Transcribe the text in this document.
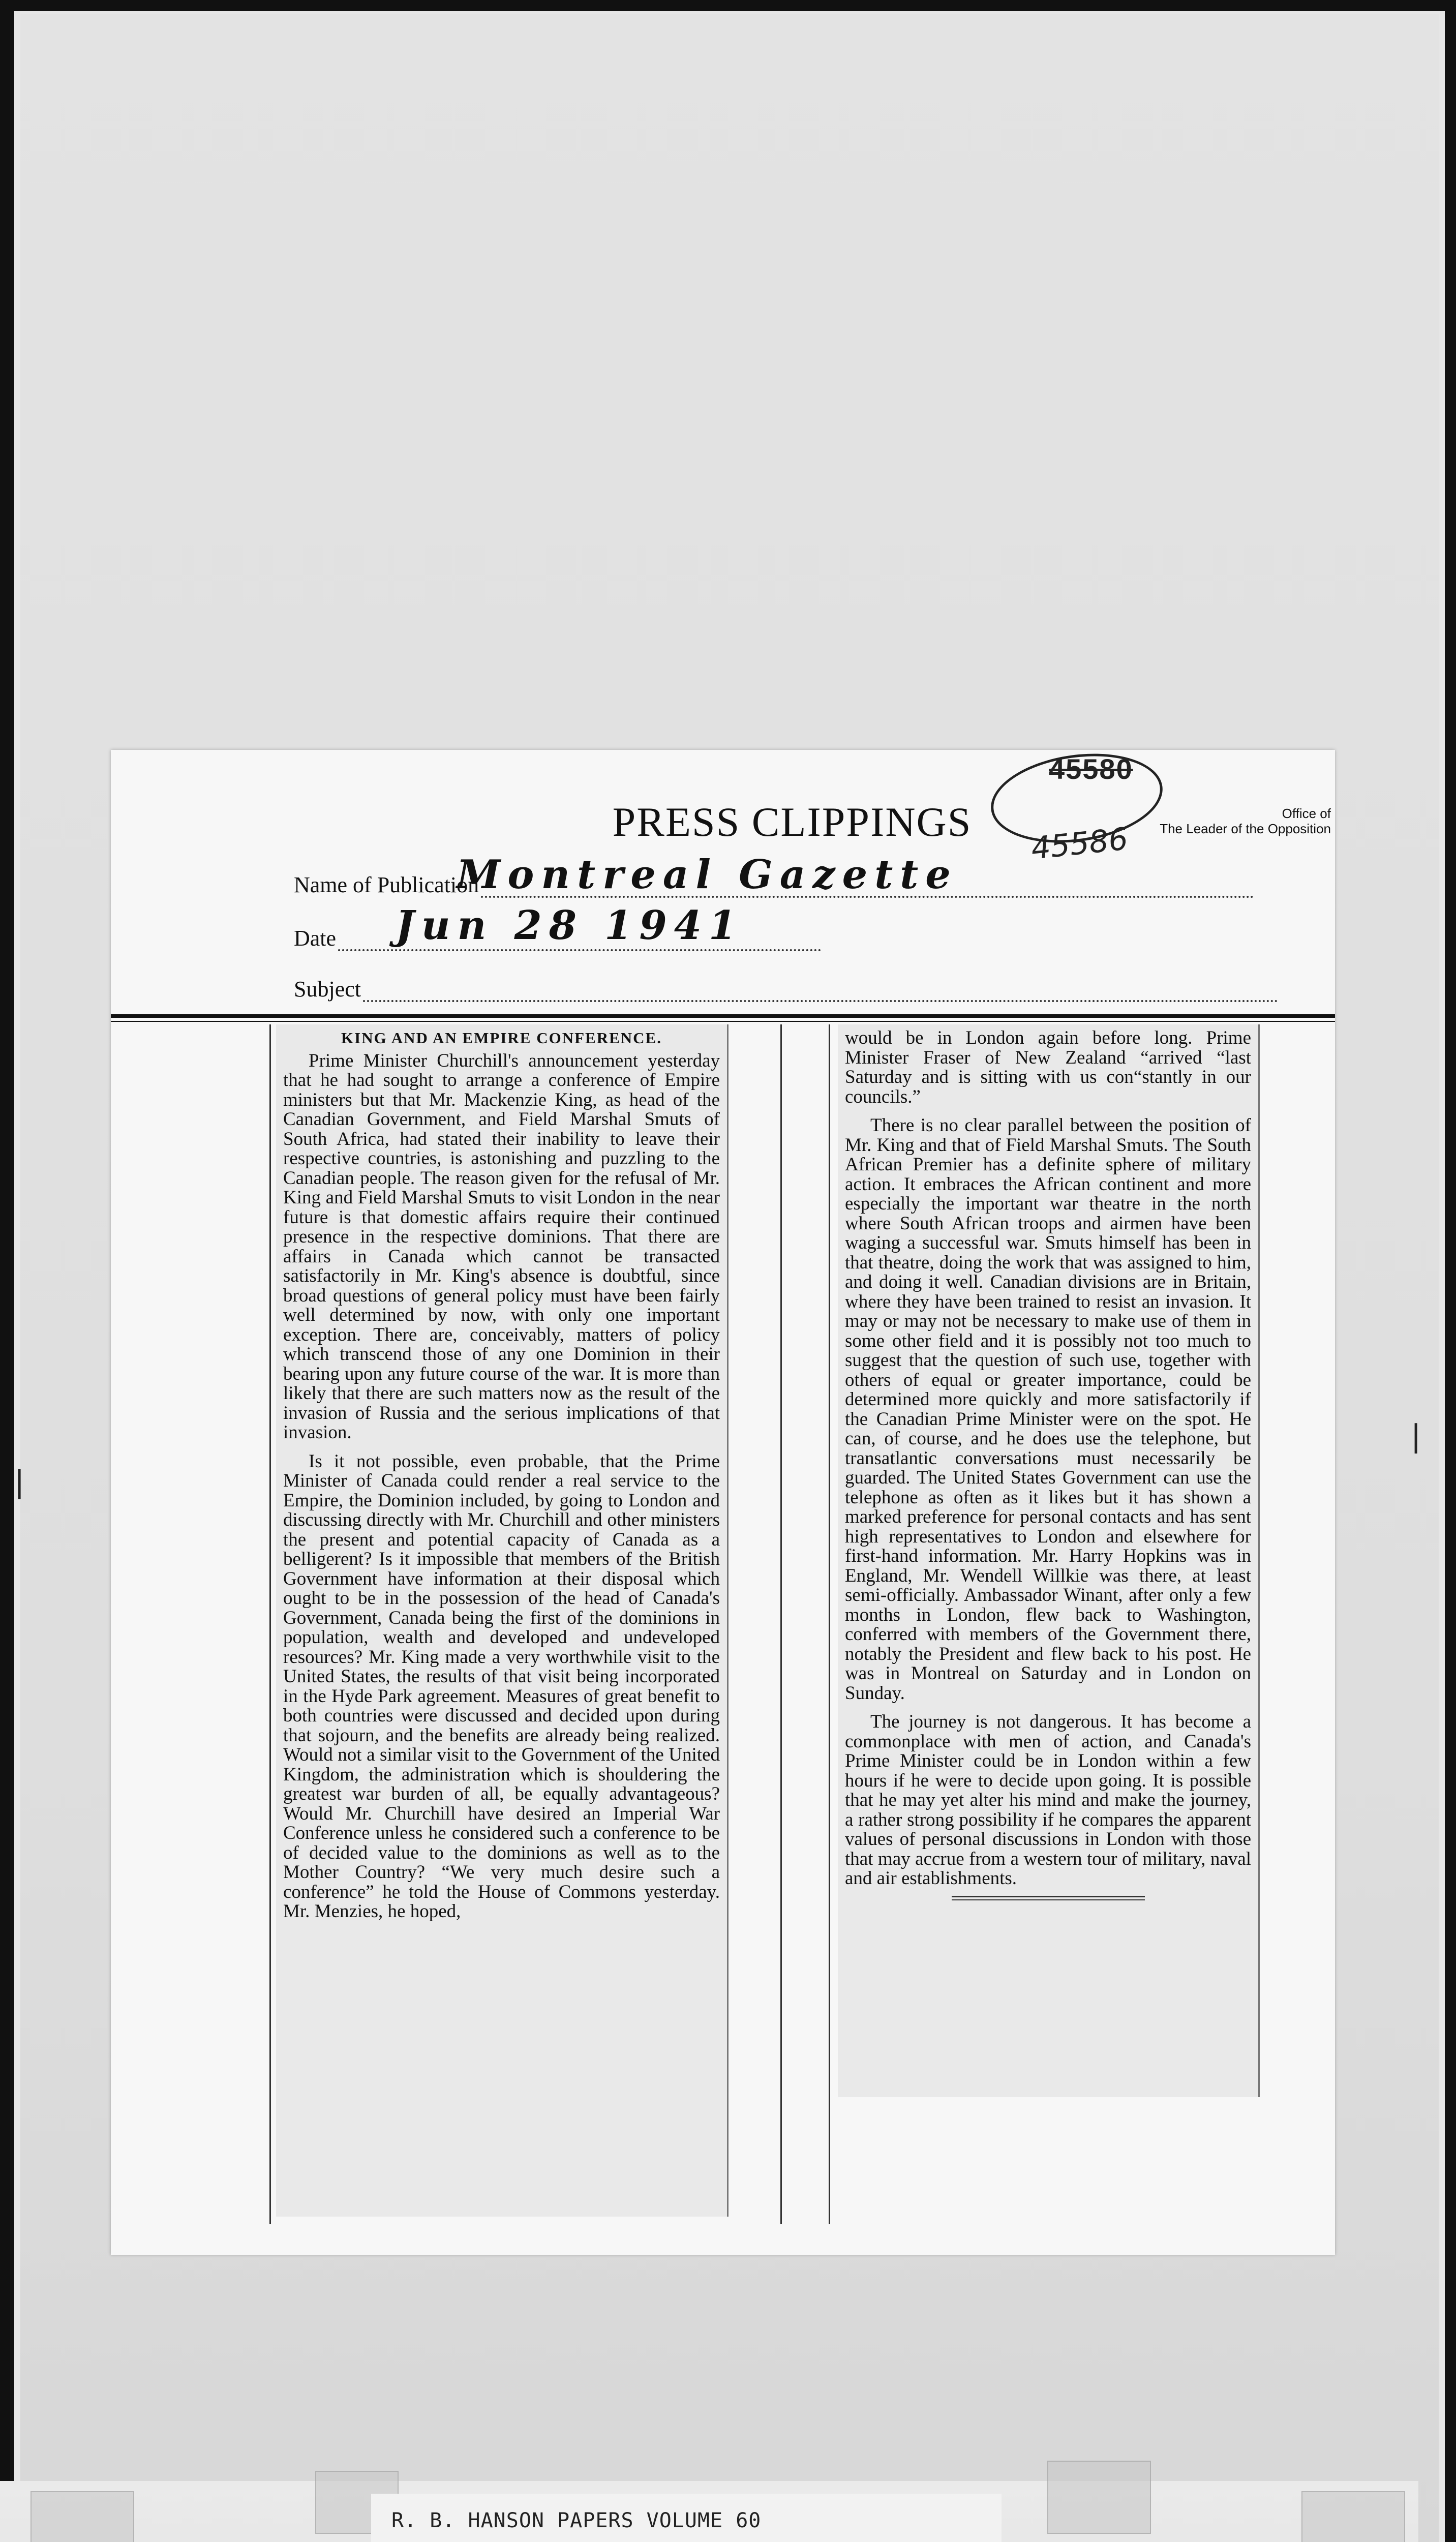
45580
45586
PRESS CLIPPINGS	Office of
The Leader of the Opposition
Name of Publication
Montreal Gazette
Date Jun 28 1941
Subject

KING AND AN EMPIRE CONFERENCE.

Prime Minister Churchill's announcement yesterday that he had sought to arrange a conference of Empire ministers but that Mr. Mackenzie King, as head of the Canadian Government, and Field Marshal Smuts of South Africa, had stated their inability to leave their respective countries, is astonishing and puzzling to the Canadian people. The reason given for the refusal of Mr. King and Field Marshal Smuts to visit London in the near future is that domestic affairs require their continued presence in the respective dominions. That there are affairs in Canada which cannot be transacted satisfactorily in Mr. King's absence is doubtful, since broad questions of general policy must have been fairly well determined by now, with only one important exception. There are, conceivably, matters of policy which transcend those of any one Dominion in their bearing upon any future course of the war. It is more than likely that there are such matters now as the result of the invasion of Russia and the serious implications of that invasion.

Is it not possible, even probable, that the Prime Minister of Canada could render a real service to the Empire, the Dominion included, by going to London and discussing directly with Mr. Churchill and other ministers the present and potential capacity of Canada as a belligerent? Is it impossible that members of the British Government have information at their disposal which ought to be in the possession of the head of Canada's Government, Canada being the first of the dominions in population, wealth and developed and undeveloped resources? Mr. King made a very worthwhile visit to the United States, the results of that visit being incorporated in the Hyde Park agreement. Measures of great benefit to both countries were discussed and decided upon during that sojourn, and the benefits are already being realized. Would not a similar visit to the Government of the United Kingdom, the administration which is shouldering the greatest war burden of all, be equally advantageous? Would Mr. Churchill have desired an Imperial War Conference unless he considered such a conference to be of decided value to the dominions as well as to the Mother Country? “We very much desire such a conference” he told the House of Commons yesterday. Mr. Menzies, he hoped,

would be in London again before long. Prime Minister Fraser of New Zealand “arrived “last Saturday and is sitting with us con“stantly in our councils.”

There is no clear parallel between the position of Mr. King and that of Field Marshal Smuts. The South African Premier has a definite sphere of military action. It embraces the African continent and more especially the important war theatre in the north where South African troops and airmen have been waging a successful war. Smuts himself has been in that theatre, doing the work that was assigned to him, and doing it well. Canadian divisions are in Britain, where they have been trained to resist an invasion. It may or may not be necessary to make use of them in some other field and it is possibly not too much to suggest that the question of such use, together with others of equal or greater importance, could be determined more quickly and more satisfactorily if the Canadian Prime Minister were on the spot. He can, of course, and he does use the telephone, but transatlantic conversations must necessarily be guarded. The United States Government can use the telephone as often as it likes but it has shown a marked preference for personal contacts and has sent high representatives to London and elsewhere for first-hand information. Mr. Harry Hopkins was in England, Mr. Wendell Willkie was there, at least semi-officially. Ambassador Winant, after only a few months in London, flew back to Washington, conferred with members of the Government there, notably the President and flew back to his post. He was in Montreal on Saturday and in London on Sunday.

The journey is not dangerous. It has become a commonplace with men of action, and Canada's Prime Minister could be in London within a few hours if he were to decide upon going. It is possible that he may yet alter his mind and make the journey, a rather strong possibility if he compares the apparent values of personal discussions in London with those that may accrue from a western tour of military, naval and air establishments.

|
|
R. B. HANSON PAPERS VOLUME 60
